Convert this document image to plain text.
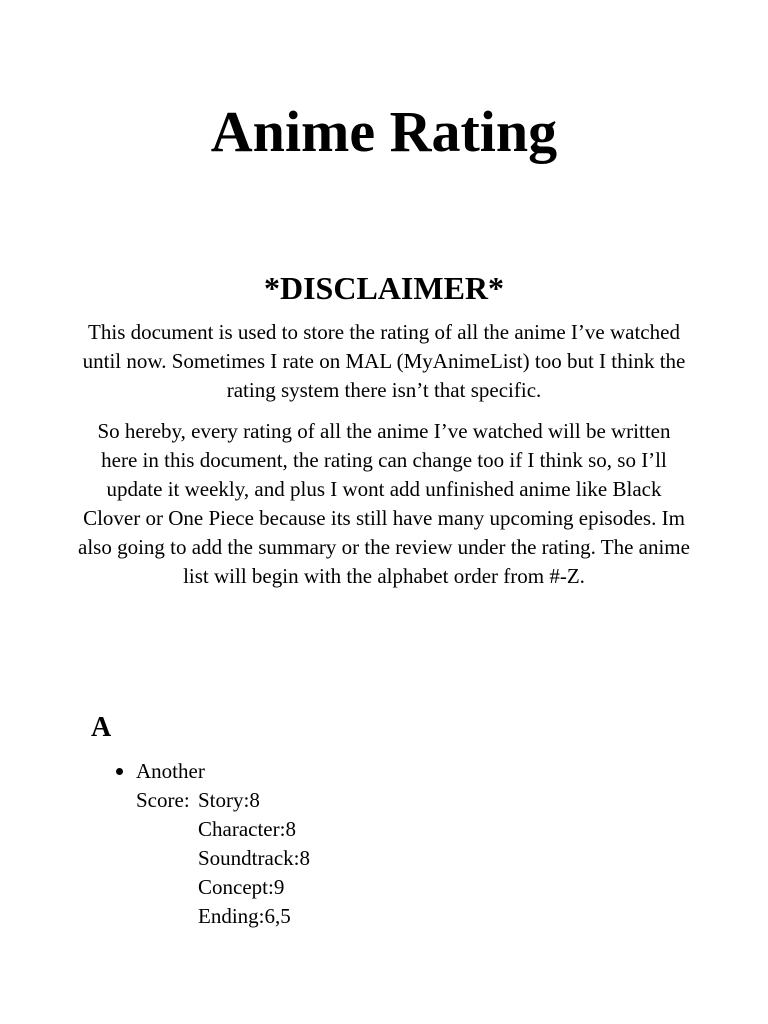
Anime Rating
*DISCLAIMER*

This document is used to store the rating of all the anime I’ve watched until now. Sometimes I rate on MAL (MyAnimeList) too but I think the rating system there isn’t that specific.

So hereby, every rating of all the anime I’ve watched will be written here in this document, the rating can change too if I think so, so I’ll update it weekly, and plus I wont add unfinished anime like Black Clover or One Piece because its still have many upcoming episodes. Im also going to add the summary or the review under the rating. The anime list will begin with the alphabet order from #-Z.

A
Another
Score: Story:8
Character:8
Soundtrack:8
Concept:9
Ending:6,5
